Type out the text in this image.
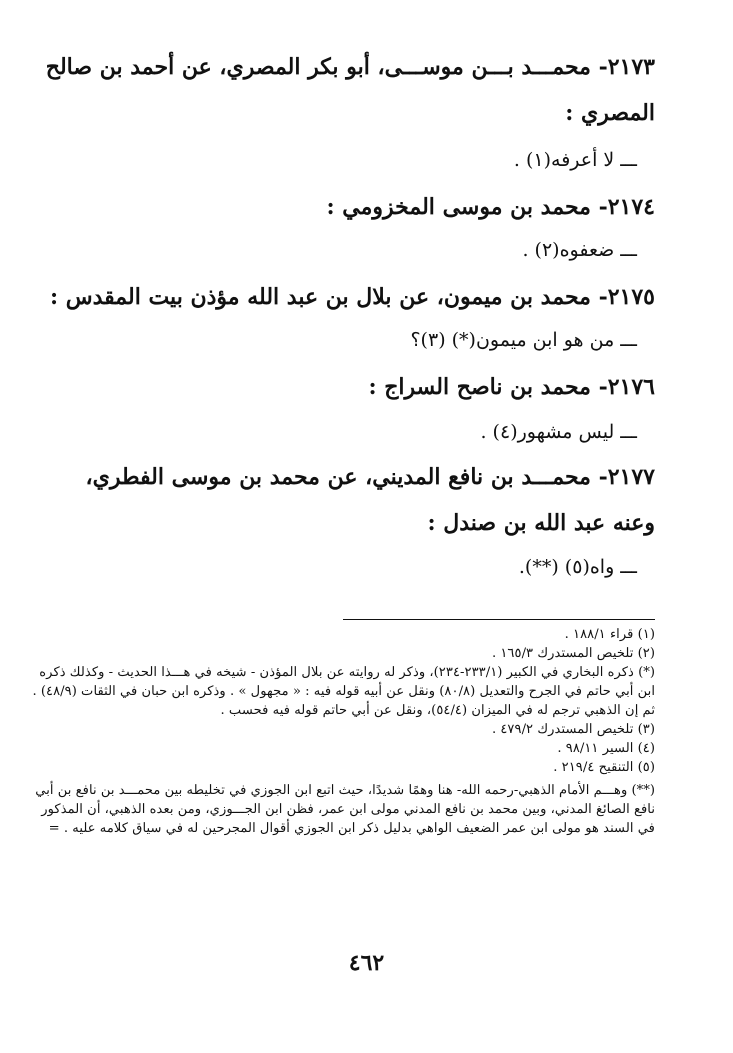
٢١٧٣- محمـــد بـــن موســـى، أبو بكر المصري، عن أحمد بن صالح المصري :
ـــ لا أعرفه(١) .
٢١٧٤- محمد بن موسى المخزومي :
ـــ ضعفوه(٢) .
٢١٧٥- محمد بن ميمون، عن بلال بن عبد الله مؤذن بيت المقدس :
ـــ من هو ابن ميمون(*) (٣)؟
٢١٧٦- محمد بن ناصح السراج :
ـــ ليس مشهور(٤) .
٢١٧٧- محمـــد بن نافع المديني، عن محمد بن موسى الفطري، وعنه عبد الله بن صندل :
ـــ واه(٥) (**).

(١) قراء ١٨٨/١ .

(٢) تلخيص المستدرك ١٦٥/٣ .

(*) ذكره البخاري في الكبير (٢٣٣/١-٢٣٤)، وذكر له روايته عن بلال المؤذن - شيخه في هـــذا الحديث - وكذلك ذكره ابن أبي حاتم في الجرح والتعديل (٨٠/٨) ونقل عن أبيه قوله فيه : « مجهول » . وذكره ابن حبان في الثقات (٤٨/٩) .

ثم إن الذهبي ترجم له في الميزان (٥٤/٤)، ونقل عن أبي حاتم قوله فيه فحسب .

(٣) تلخيص المستدرك ٤٧٩/٢ .

(٤) السير ٩٨/١١ .

(٥) التنقيح ٢١٩/٤ .

(**) وهـــم الأمام الذهبي-رحمه الله- هنا وهمًا شديدًا، حيث اتبع ابن الجوزي في تخليطه بين محمـــد بن نافع بن أبي نافع الصائغ المدني، وبين محمد بن نافع المدني مولى ابن عمر، فظن ابن الجـــوزي، ومن بعده الذهبي، أن المذكور في السند هو مولى ابن عمر الضعيف الواهي بدليل ذكر ابن الجوزي أقوال المجرحين له في سياق كلامه عليه . =

٤٦٢
